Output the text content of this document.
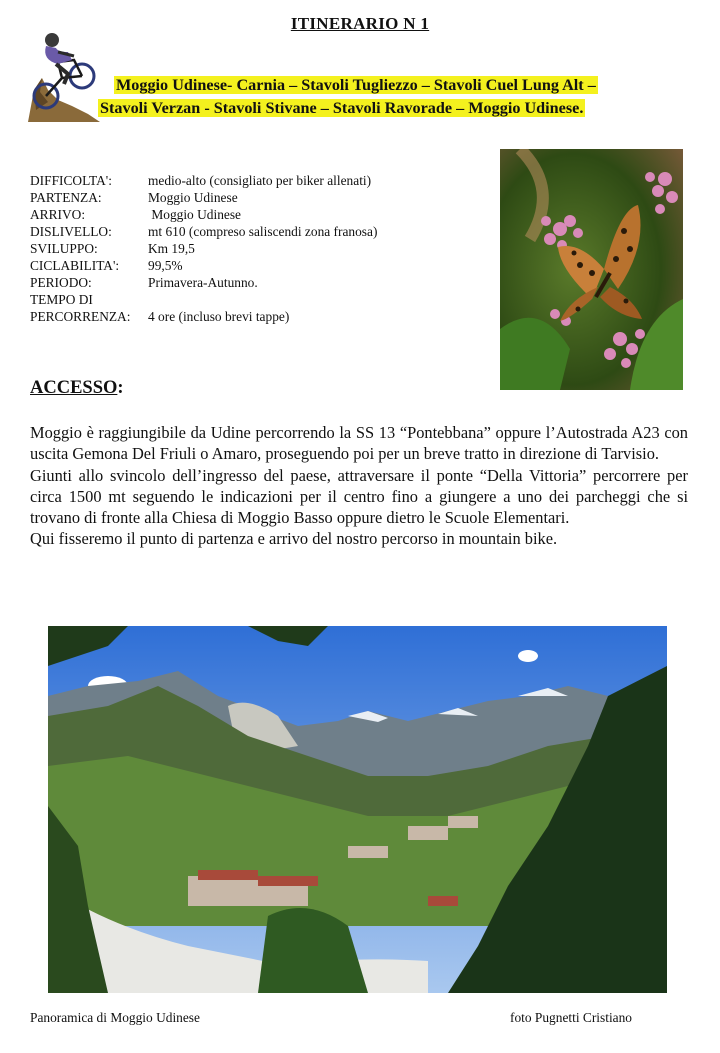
ITINERARIO N 1
Moggio Udinese- Carnia – Stavoli Tugliezzo – Stavoli Cuel Lung Alt –
Stavoli Verzan - Stavoli Stivane – Stavoli Ravorade – Moggio Udinese.
DIFFICOLTA':	medio-alto (consigliato per biker allenati)
PARTENZA:	Moggio Udinese
ARRIVO:	Moggio Udinese
DISLIVELLO:	mt 610 (compreso saliscendi zona franosa)
SVILUPPO:	Km 19,5
CICLABILITA':	99,5%
PERIODO:	Primavera-Autunno.
TEMPO DI
PERCORRENZA:	4 ore (incluso brevi tappe)
ACCESSO:

Moggio è raggiungibile da Udine percorrendo la SS 13 “Pontebbana” oppure l’Autostrada A23 con uscita Gemona Del Friuli o Amaro, proseguendo poi per un breve tratto in direzione di Tarvisio.

Giunti allo svincolo dell’ingresso del paese, attraversare il ponte “Della Vittoria” percorrere per circa 1500 mt seguendo le indicazioni per il centro fino a giungere a uno dei parcheggi che si trovano di fronte alla Chiesa di Moggio Basso oppure dietro le Scuole Elementari.

Qui fisseremo il punto di partenza e arrivo del nostro percorso in mountain bike.

Panoramica di Moggio Udinese	foto Pugnetti Cristiano
